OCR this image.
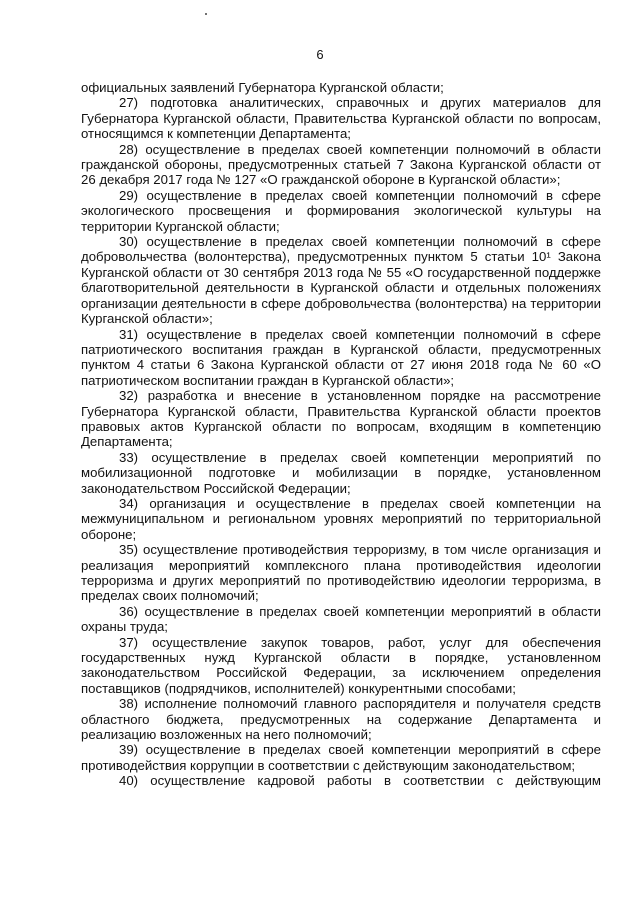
6

официальных заявлений Губернатора Курганской области;

27) подготовка аналитических, справочных и других материалов для Губернатора Курганской области, Правительства Курганской области по вопросам, относящимся к компетенции Департамента;

28) осуществление в пределах своей компетенции полномочий в области гражданской обороны, предусмотренных статьей 7 Закона Курганской области от 26 декабря 2017 года № 127 «О гражданской обороне в Курганской области»;

29) осуществление в пределах своей компетенции полномочий в сфере экологического просвещения и формирования экологической культуры на территории Курганской области;

30) осуществление в пределах своей компетенции полномочий в сфере добровольчества (волонтерства), предусмотренных пунктом 5 статьи 10¹ Закона Курганской области от 30 сентября 2013 года № 55 «О государственной поддержке благотворительной деятельности в Курганской области и отдельных положениях организации деятельности в сфере добровольчества (волонтерства) на территории Курганской области»;

31) осуществление в пределах своей компетенции полномочий в сфере патриотического воспитания граждан в Курганской области, предусмотренных пунктом 4 статьи 6 Закона Курганской области от 27 июня 2018 года № 60 «О патриотическом воспитании граждан в Курганской области»;

32) разработка и внесение в установленном порядке на рассмотрение Губернатора Курганской области, Правительства Курганской области проектов правовых актов Курганской области по вопросам, входящим в компетенцию Департамента;

33) осуществление в пределах своей компетенции мероприятий по мобилизационной подготовке и мобилизации в порядке, установленном законодательством Российской Федерации;

34) организация и осуществление в пределах своей компетенции на межмуниципальном и региональном уровнях мероприятий по территориальной обороне;

35) осуществление противодействия терроризму, в том числе организация и реализация мероприятий комплексного плана противодействия идеологии терроризма и других мероприятий по противодействию идеологии терроризма, в пределах своих полномочий;

36) осуществление в пределах своей компетенции мероприятий в области охраны труда;

37) осуществление закупок товаров, работ, услуг для обеспечения государственных нужд Курганской области в порядке, установленном законодательством Российской Федерации, за исключением определения поставщиков (подрядчиков, исполнителей) конкурентными способами;

38) исполнение полномочий главного распорядителя и получателя средств областного бюджета, предусмотренных на содержание Департамента и реализацию возложенных на него полномочий;

39) осуществление в пределах своей компетенции мероприятий в сфере противодействия коррупции в соответствии с действующим законодательством;

40) осуществление кадровой работы в соответствии с действующим
